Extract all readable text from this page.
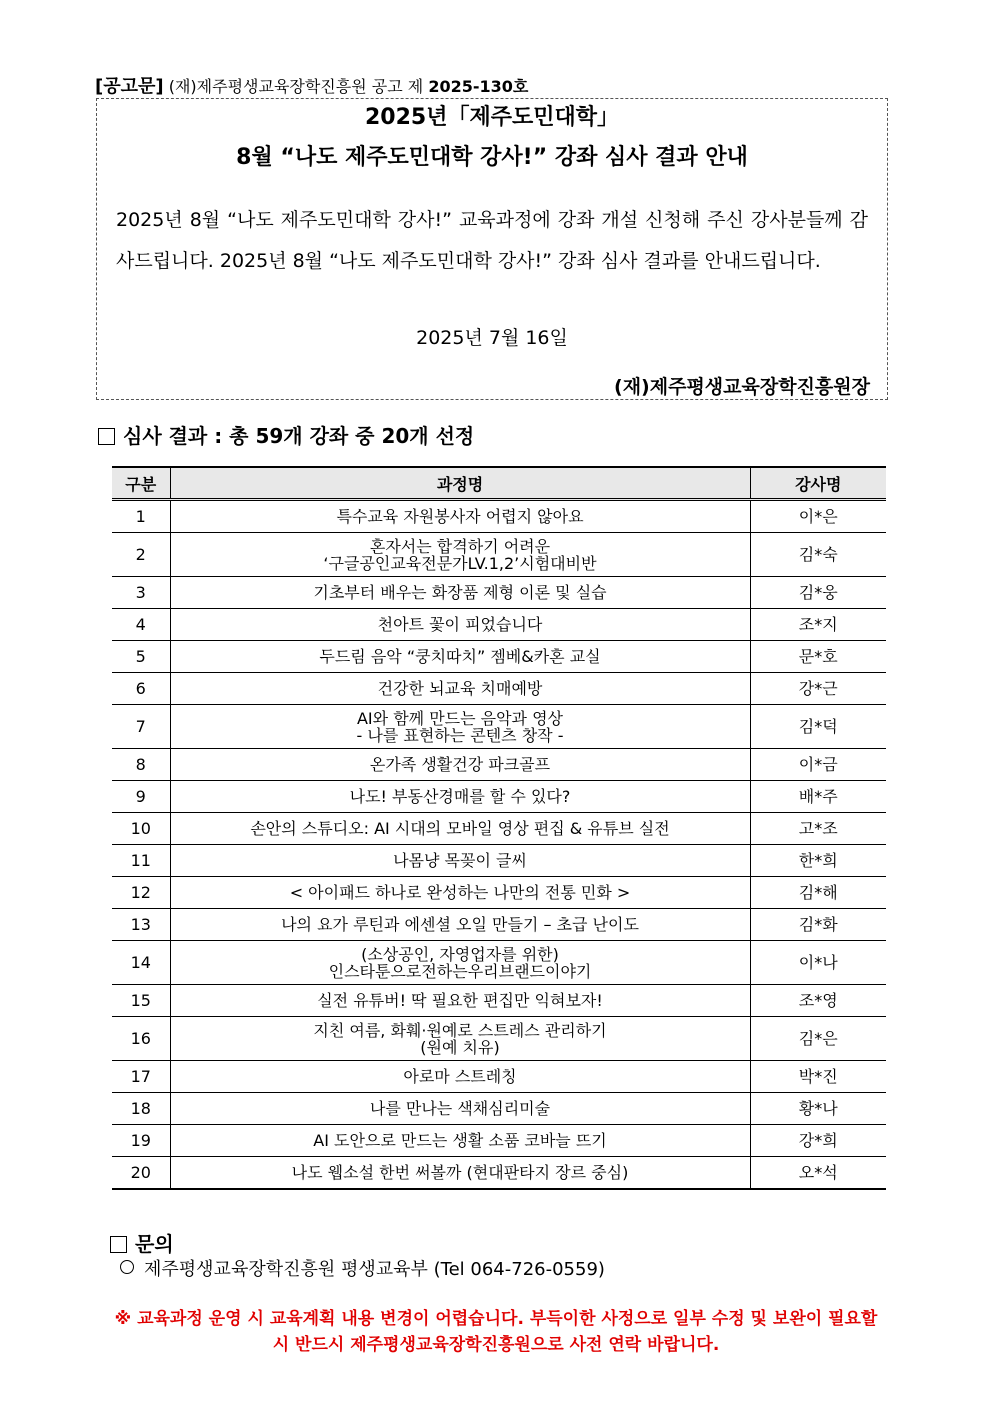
[공고문] (재)제주평생교육장학진흥원 공고 제 2025-130호
2025년「제주도민대학」
8월 “나도 제주도민대학 강사!” 강좌 심사 결과 안내
2025년 8월 “나도 제주도민대학 강사!” 교육과정에 강좌 개설 신청해 주신 강사분들께 감사드립니다. 2025년 8월 “나도 제주도민대학 강사!” 강좌 심사 결과를 안내드립니다.
2025년 7월 16일
(재)제주평생교육장학진흥원장
심사 결과 : 총 59개 강좌 중 20개 선정
구분	과정명	강사명
1	특수교육 자원봉사자 어렵지 않아요	이*은
2	혼자서는 합격하기 어려운
‘구글공인교육전문가LV.1,2’시험대비반	김*숙
3	기초부터 배우는 화장품 제형 이론 및 실습	김*웅
4	천아트 꽃이 피었습니다	조*지
5	두드림 음악 “쿵치따치” 젬베&카혼 교실	문*호
6	건강한 뇌교육 치매예방	강*근
7	AI와 함께 만드는 음악과 영상
- 나를 표현하는 콘텐츠 창작 -	김*덕
8	온가족 생활건강 파크골프	이*금
9	나도! 부동산경매를 할 수 있다?	배*주
10	손안의 스튜디오: AI 시대의 모바일 영상 편집 & 유튜브 실전	고*조
11	나몸냥 목꽂이 글씨	한*희
12	< 아이패드 하나로 완성하는 나만의 전통 민화 >	김*해
13	나의 요가 루틴과 에센셜 오일 만들기 – 초급 난이도	김*화
14	(소상공인, 자영업자를 위한)
인스타툰으로전하는우리브랜드이야기	이*나
15	실전 유튜버! 딱 필요한 편집만 익혀보자!	조*영
16	지친 여름, 화훼·원예로 스트레스 관리하기
(원예 치유)	김*은
17	아로마 스트레칭	박*진
18	나를 만나는 색채심리미술	황*나
19	AI 도안으로 만드는 생활 소품 코바늘 뜨기	강*희
20	나도 웹소설 한번 써볼까 (현대판타지 장르 중심)	오*석
문의
제주평생교육장학진흥원 평생교육부 (Tel 064-726-0559)
※ 교육과정 운영 시 교육계획 내용 변경이 어렵습니다. 부득이한 사정으로 일부 수정 및 보완이 필요할 시 반드시 제주평생교육장학진흥원으로 사전 연락 바랍니다.
